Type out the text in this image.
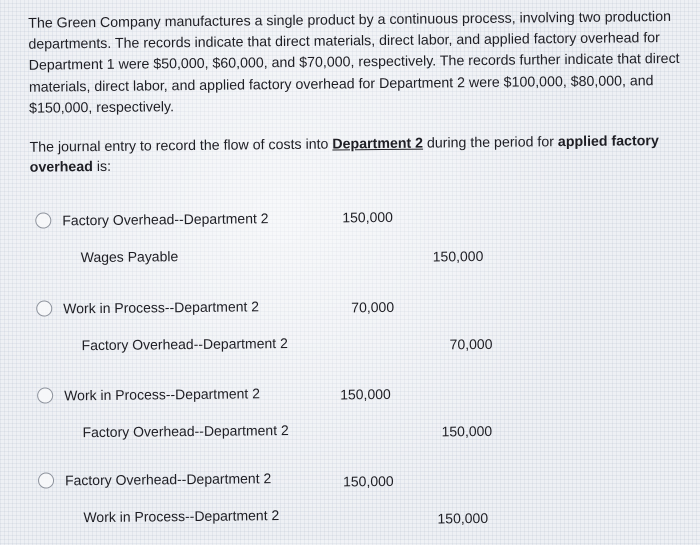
The Green Company manufactures a single product by a continuous process, involving two production departments. The records indicate that direct materials, direct labor, and applied factory overhead for Department 1 were $50,000, $60,000, and $70,000, respectively. The records further indicate that direct materials, direct labor, and applied factory overhead for Department 2 were $100,000, $80,000, and $150,000, respectively.

The journal entry to record the flow of costs into Department 2 during the period for applied factory overhead is:

Factory Overhead--Department 2	150,000
Wages Payable	150,000
Work in Process--Department 2	70,000
Factory Overhead--Department 2	70,000
Work in Process--Department 2	150,000
Factory Overhead--Department 2	150,000
Factory Overhead--Department 2	150,000
Work in Process--Department 2	150,000
